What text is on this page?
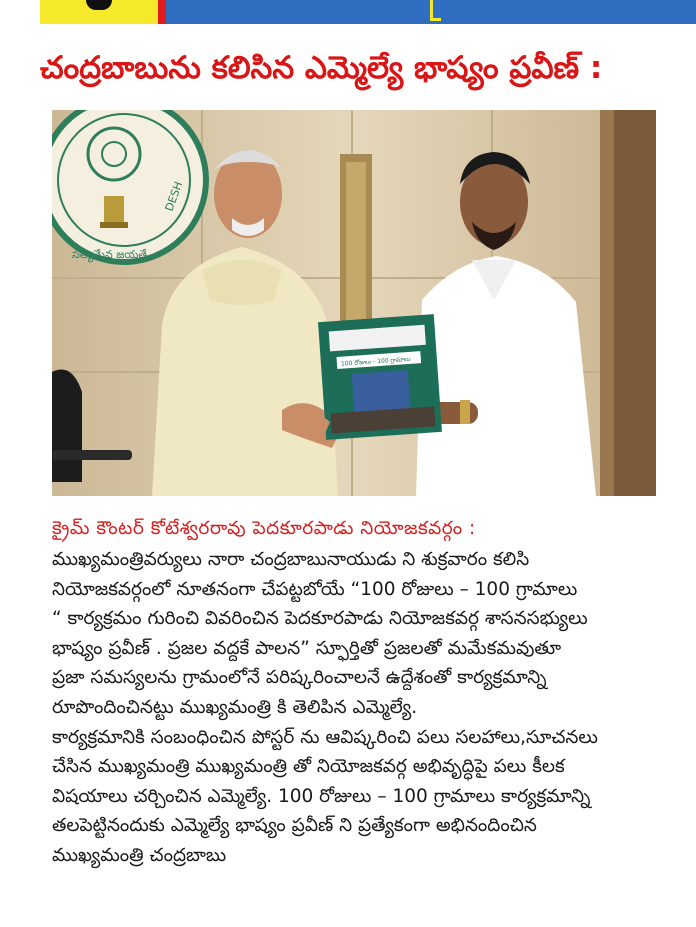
చంద్రబాబును కలిసిన ఎమ్మెల్యే భాష్యం ప్రవీణ్ :
సత్యమేవ జయతే
DESH
100 రోజులు - 100 గ్రామాలు
క్రైమ్ కౌంటర్ కోటేశ్వరరావు పెదకూరపాడు నియోజకవర్గం :

ముఖ్యమంత్రివర్యులు నారా చంద్రబాబునాయుడు ని శుక్రవారం కలిసి

నియోజకవర్గంలో నూతనంగా చేపట్టబోయే “100 రోజులు – 100 గ్రామాలు

“ కార్యక్రమం గురించి వివరించిన పెదకూరపాడు నియోజకవర్గ శాసనసభ్యులు

భాష్యం ప్రవీణ్ . ప్రజల వద్దకే పాలన” స్ఫూర్తితో ప్రజలతో మమేకమవుతూ

ప్రజా సమస్యలను గ్రామంలోనే పరిష్కరించాలనే ఉద్దేశంతో కార్యక్రమాన్ని

రూపొందించినట్టు ముఖ్యమంత్రి కి తెలిపిన ఎమ్మెల్యే.

కార్యక్రమానికి సంబంధించిన పోస్టర్ ను ఆవిష్కరించి పలు సలహాలు,సూచనలు

చేసిన ముఖ్యమంత్రి ముఖ్యమంత్రి తో నియోజకవర్గ అభివృద్ధిపై పలు కీలక

విషయాలు చర్చించిన ఎమ్మెల్యే. 100 రోజులు – 100 గ్రామాలు కార్యక్రమాన్ని

తలపెట్టినందుకు ఎమ్మెల్యే భాష్యం ప్రవీణ్ ని ప్రత్యేకంగా అభినందించిన

ముఖ్యమంత్రి చంద్రబాబు
